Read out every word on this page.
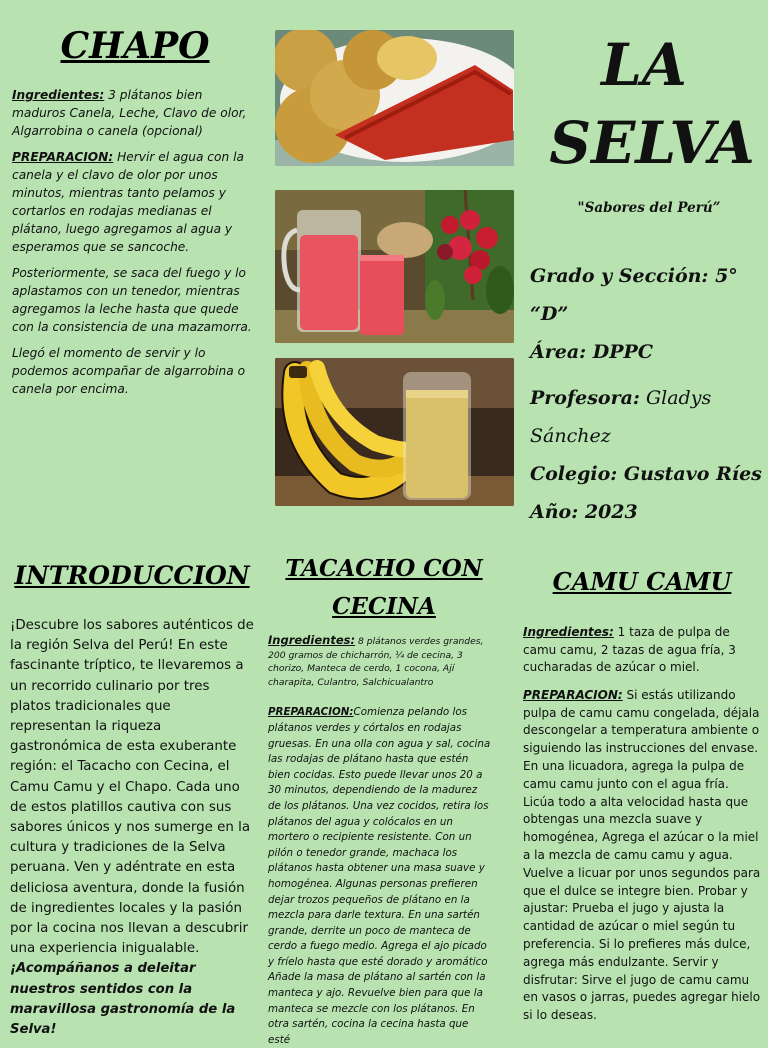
CHAPO

Ingredientes: 3 plátanos bien maduros Canela, Leche, Clavo de olor, Algarrobina o canela (opcional)

PREPARACION: Hervir el agua con la canela y el clavo de olor por unos minutos, mientras tanto pelamos y cortarlos en rodajas medianas el plátano, luego agregamos al agua y esperamos que se sancoche.

Posteriormente, se saca del fuego y lo aplastamos con un tenedor, mientras agregamos la leche hasta que quede con la consistencia de una mazamorra.

Llegó el momento de servir y lo podemos acompañar de algarrobina o canela por encima.

LA
SELVA

"Sabores del Perú”

Grado y Sección: 5° “D”

Área: DPPC

Profesora: Gladys

Sánchez

Colegio: Gustavo Ríes

Año: 2023

INTRODUCCION

¡Descubre los sabores auténticos de la región Selva del Perú! En este fascinante tríptico, te llevaremos a un recorrido culinario por tres platos tradicionales que representan la riqueza gastronómica de esta exuberante región: el Tacacho con Cecina, el Camu Camu y el Chapo. Cada uno de estos platillos cautiva con sus sabores únicos y nos sumerge en la cultura y tradiciones de la Selva peruana. Ven y adéntrate en esta deliciosa aventura, donde la fusión de ingredientes locales y la pasión por la cocina nos llevan a descubrir una experiencia inigualable.

¡Acompáñanos a deleitar nuestros sentidos con la maravillosa gastronomía de la Selva!

TACACHO CON
CECINA

Ingredientes: 8 plátanos verdes grandes, 200 gramos de chicharrón, ¼ de cecina, 3 chorizo, Manteca de cerdo, 1 cocona, Ají charapita, Culantro, Salchicualantro

PREPARACION:Comienza pelando los plátanos verdes y córtalos en rodajas gruesas. En una olla con agua y sal, cocina las rodajas de plátano hasta que estén bien cocidas. Esto puede llevar unos 20 a 30 minutos, dependiendo de la madurez de los plátanos. Una vez cocidos, retira los plátanos del agua y colócalos en un mortero o recipiente resistente. Con un pilón o tenedor grande, machaca los plátanos hasta obtener una masa suave y homogénea. Algunas personas prefieren dejar trozos pequeños de plátano en la mezcla para darle textura. En una sartén grande, derrite un poco de manteca de cerdo a fuego medio. Agrega el ajo picado y fríelo hasta que esté dorado y aromático Añade la masa de plátano al sartén con la manteca y ajo. Revuelve bien para que la manteca se mezcle con los plátanos. En otra sartén, cocina la cecina hasta que esté

CAMU CAMU

Ingredientes: 1 taza de pulpa de camu camu, 2 tazas de agua fría, 3 cucharadas de azúcar o miel.

PREPARACION: Si estás utilizando pulpa de camu camu congelada, déjala descongelar a temperatura ambiente o siguiendo las instrucciones del envase. En una licuadora, agrega la pulpa de camu camu junto con el agua fría. Licúa todo a alta velocidad hasta que obtengas una mezcla suave y homogénea, Agrega el azúcar o la miel a la mezcla de camu camu y agua. Vuelve a licuar por unos segundos para que el dulce se integre bien. Probar y ajustar: Prueba el jugo y ajusta la cantidad de azúcar o miel según tu preferencia. Si lo prefieres más dulce, agrega más endulzante. Servir y disfrutar: Sirve el jugo de camu camu en vasos o jarras, puedes agregar hielo si lo deseas.
